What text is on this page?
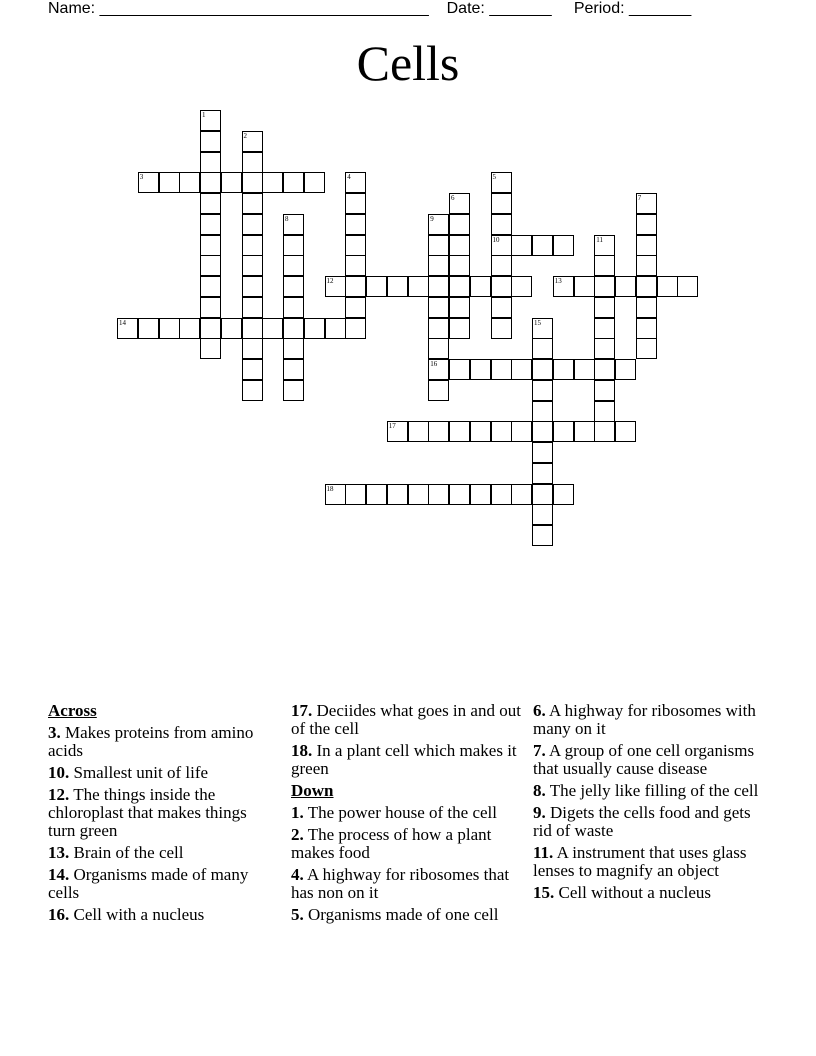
Name: _____________________________________ Date: _______ Period: _______
Cells
1
2
3	4	5
10
6	7
8	9
16
11
12	13
14	15
17
18
Across
3. Makes proteins from amino acids
10. Smallest unit of life
12. The things inside the chloroplast that makes things turn green
13. Brain of the cell
14. Organisms made of many cells
16. Cell with a nucleus
17. Deciides what goes in and out of the cell
18. In a plant cell which makes it green
Down
1. The power house of the cell
2. The process of how a plant makes food
4. A highway for ribosomes that has non on it
5. Organisms made of one cell
6. A highway for ribosomes with many on it
7. A group of one cell organisms that usually cause disease
8. The jelly like filling of the cell
9. Digets the cells food and gets rid of waste
11. A instrument that uses glass lenses to magnify an object
15. Cell without a nucleus
